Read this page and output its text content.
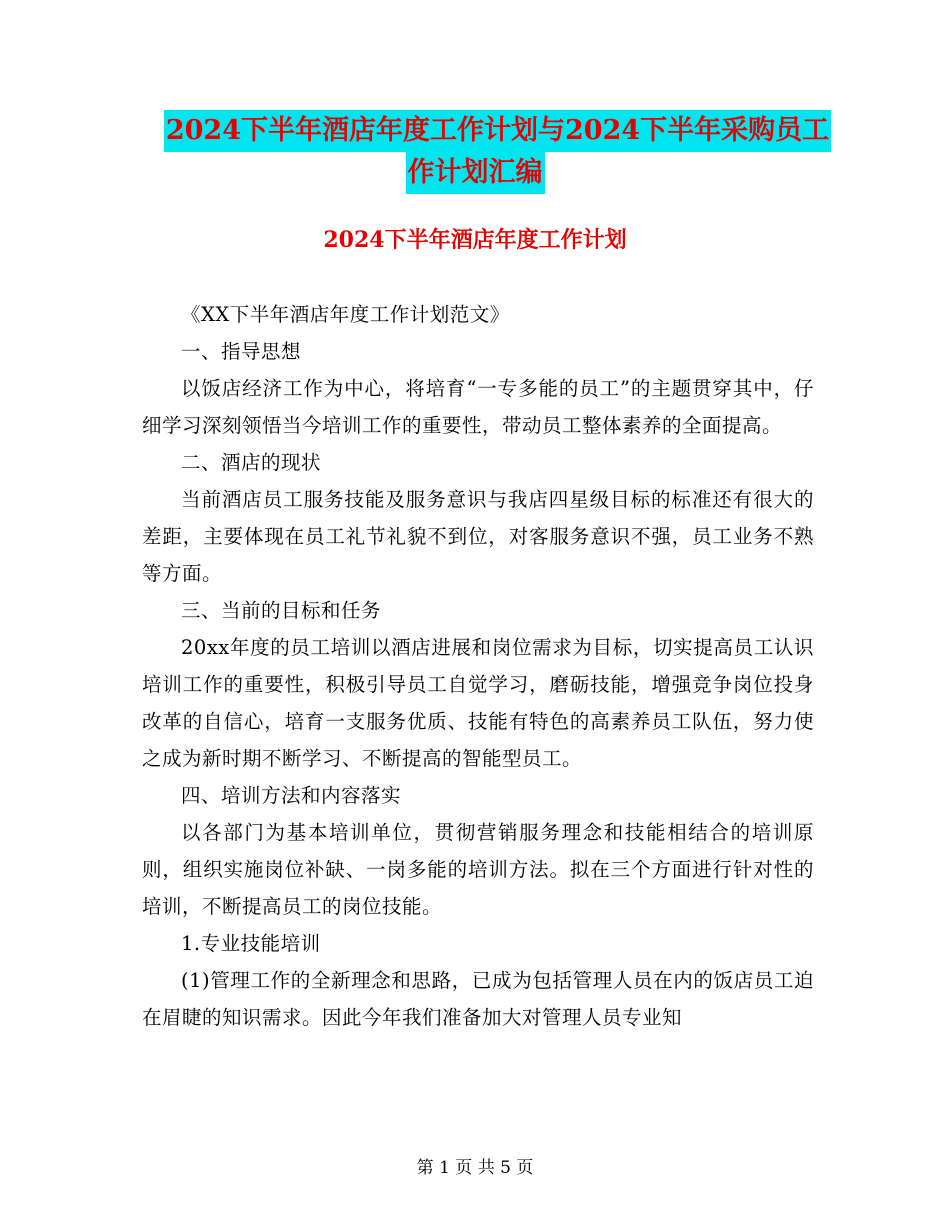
2024下半年酒店年度工作计划与2024下半年采购员工
作计划汇编
2024下半年酒店年度工作计划

《XX下半年酒店年度工作计划范文》

一、指导思想

以饭店经济工作为中心，将培育“一专多能的员工”的主题贯穿其中，仔细学习深刻领悟当今培训工作的重要性，带动员工整体素养的全面提高。

二、酒店的现状

当前酒店员工服务技能及服务意识与我店四星级目标的标准还有很大的差距，主要体现在员工礼节礼貌不到位，对客服务意识不强，员工业务不熟等方面。

三、当前的目标和任务

20xx年度的员工培训以酒店进展和岗位需求为目标，切实提高员工认识培训工作的重要性，积极引导员工自觉学习，磨砺技能，增强竞争岗位投身改革的自信心，培育一支服务优质、技能有特色的高素养员工队伍，努力使之成为新时期不断学习、不断提高的智能型员工。

四、培训方法和内容落实

以各部门为基本培训单位，贯彻营销服务理念和技能相结合的培训原则，组织实施岗位补缺、一岗多能的培训方法。拟在三个方面进行针对性的培训，不断提高员工的岗位技能。

1.专业技能培训

(1)管理工作的全新理念和思路，已成为包括管理人员在内的饭店员工迫在眉睫的知识需求。因此今年我们准备加大对管理人员专业知

第 1 页 共 5 页
